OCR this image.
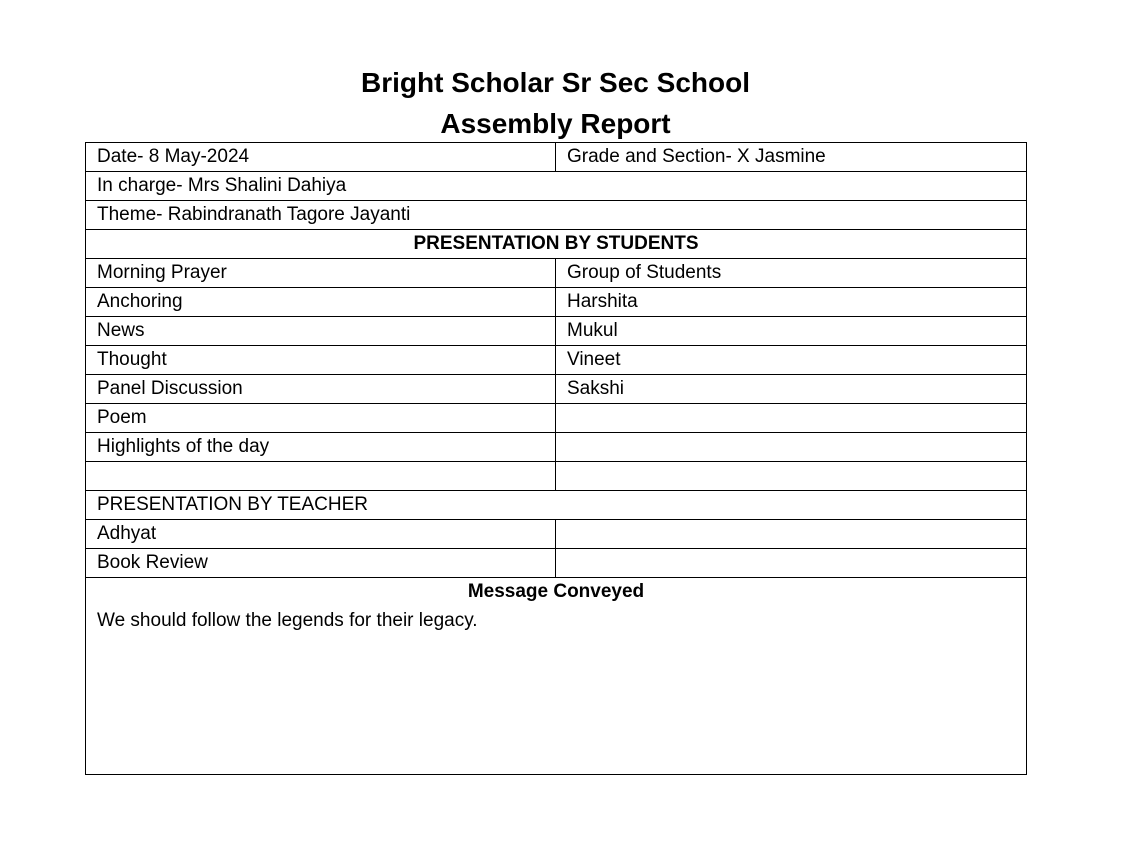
Bright Scholar Sr Sec School
Assembly Report
Date- 8 May-2024	Grade and Section- X Jasmine
In charge- Mrs Shalini Dahiya	
Theme- Rabindranath Tagore Jayanti	
PRESENTATION BY STUDENTS	
Morning Prayer	Group of Students
Anchoring	Harshita
News	Mukul
Thought	Vineet
Panel Discussion	Sakshi
Poem	
Highlights of the day	

PRESENTATION BY TEACHER	
Adhyat	
Book Review	

Message Conveyed
We should follow the legends for their legacy.	
